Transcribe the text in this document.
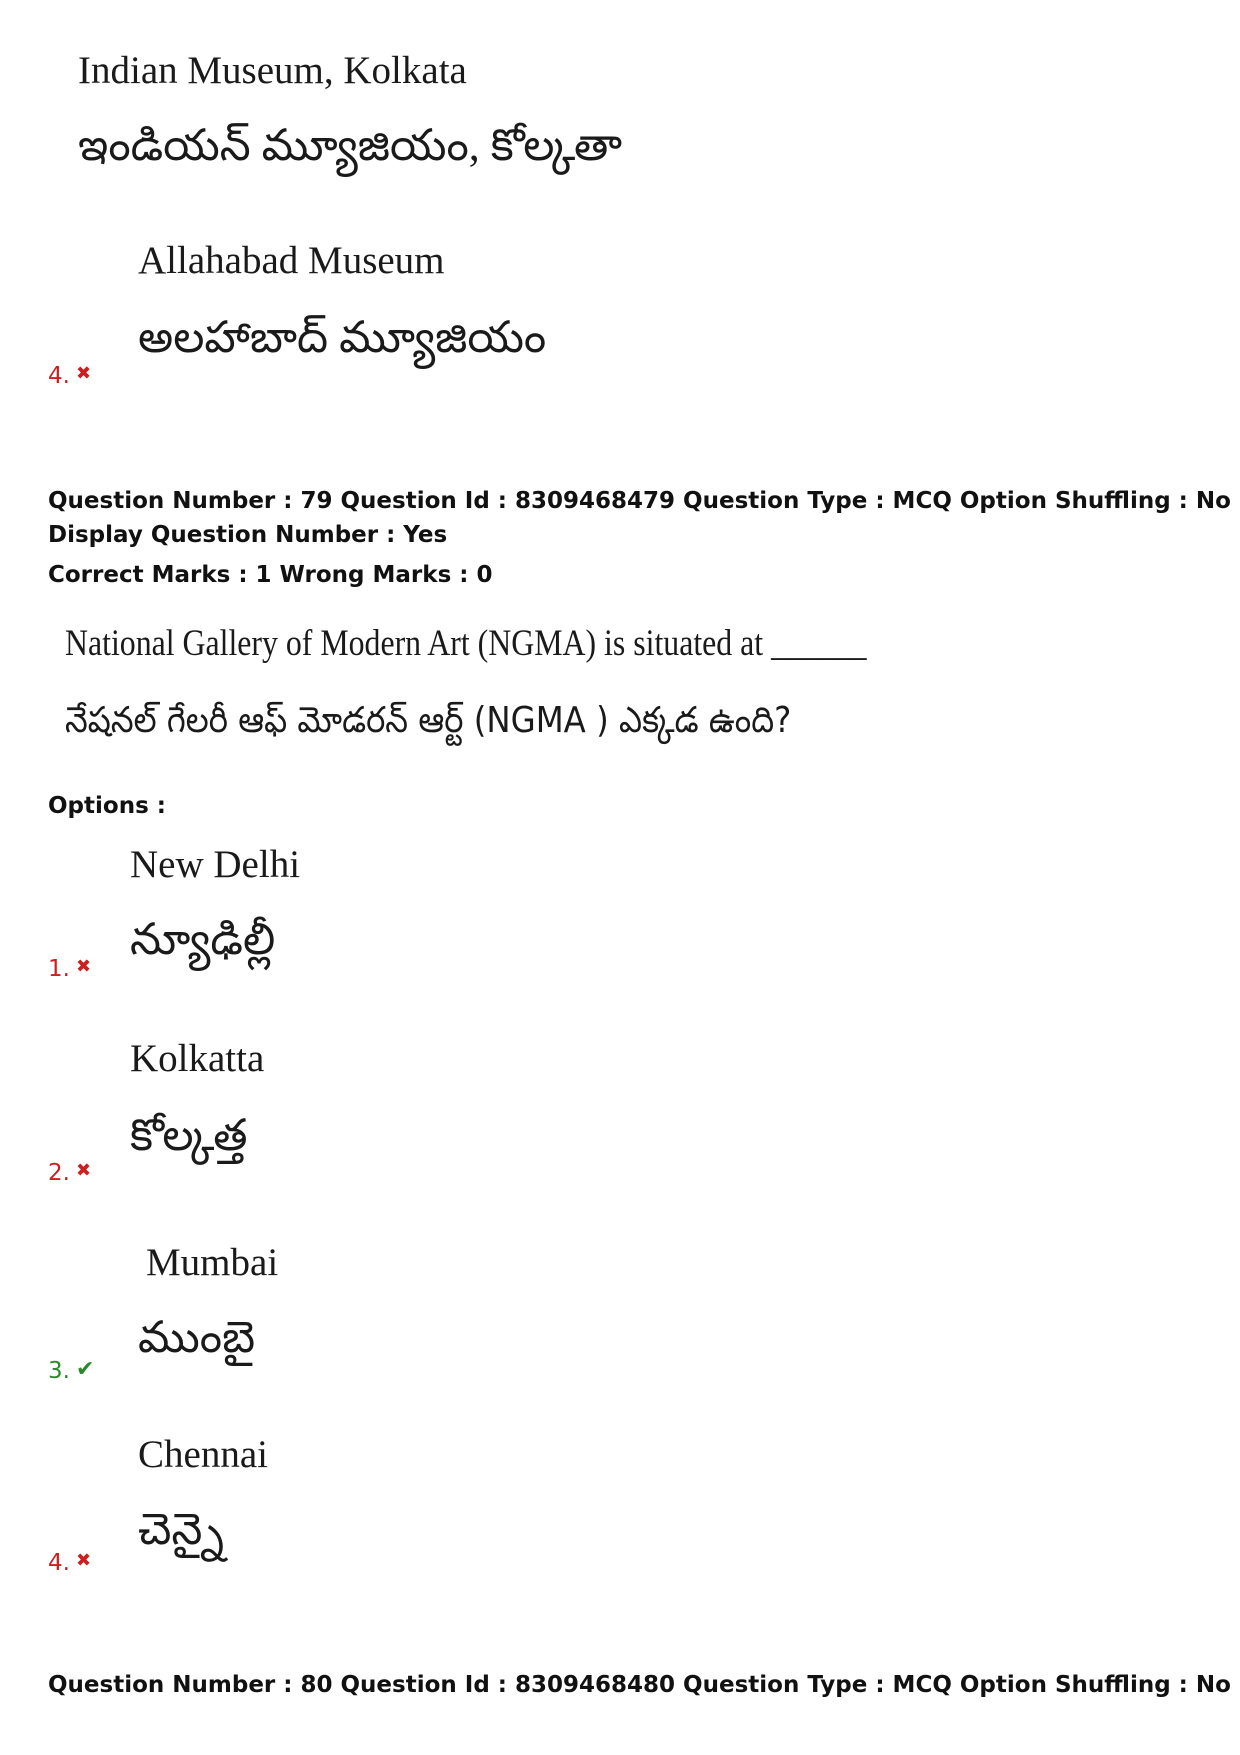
Indian Museum, Kolkata
ఇండియన్ మ్యూజియం, కోల్కతా
Allahabad Museum
అలహాబాద్ మ్యూజియం
4. ✖
Question Number : 79 Question Id : 8309468479 Question Type : MCQ Option Shuffling : No
Display Question Number : Yes
Correct Marks : 1 Wrong Marks : 0
National Gallery of Modern Art (NGMA) is situated at ______
నేషనల్ గేలరీ ఆఫ్ మోడరన్ ఆర్ట్ (NGMA ) ఎక్కడ ఉంది?
Options :
New Delhi
న్యూఢిల్లీ
1. ✖
Kolkatta
కోల్కత్త
2. ✖
Mumbai
ముంబై
3. ✔
Chennai
చెన్నై
4. ✖
Question Number : 80 Question Id : 8309468480 Question Type : MCQ Option Shuffling : No
